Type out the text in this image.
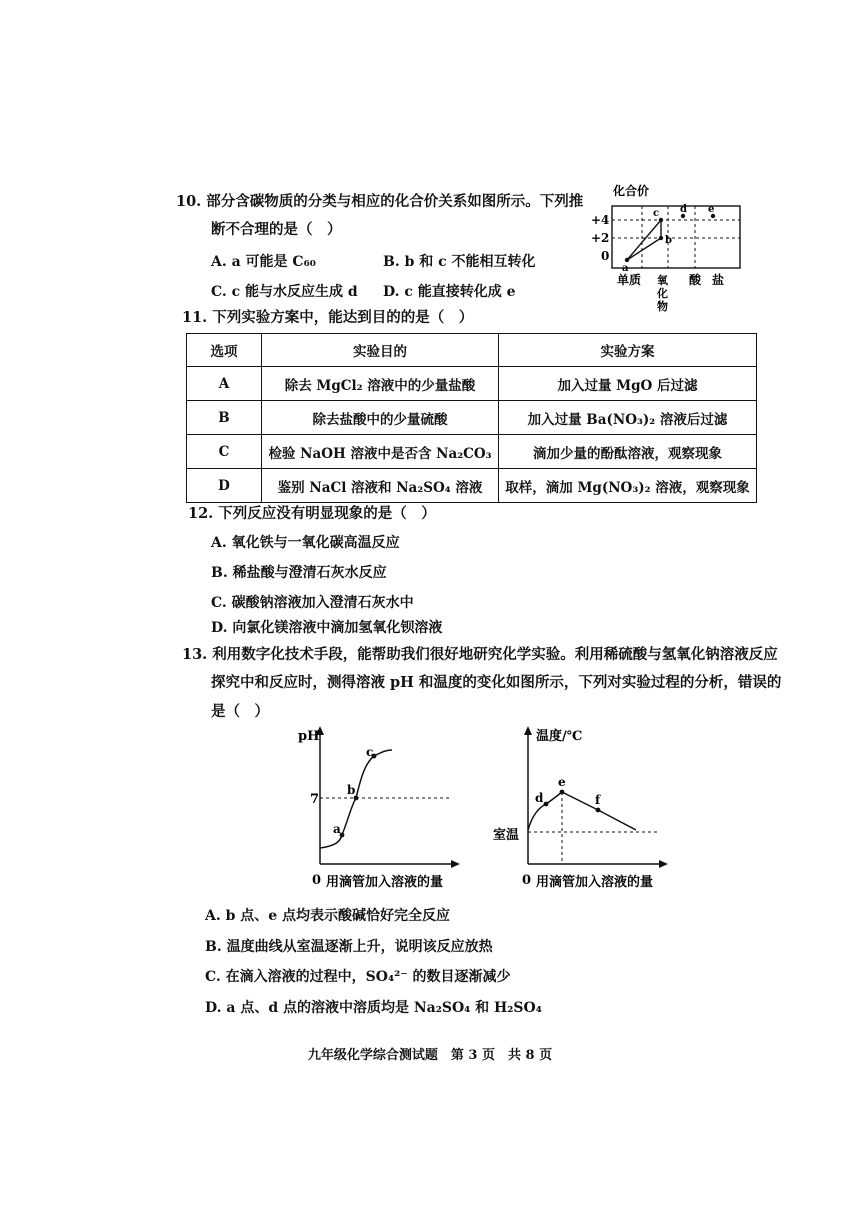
10. 部分含碳物质的分类与相应的化合价关系如图所示。下列推
断不合理的是（　）
A. a 可能是 C₆₀	B. b 和 c 不能相互转化
C. c 能与水反应生成 d D. c 能直接转化成 e
化合价
+4
+2
0
a
b
c d e
单质 氧
化
物
酸 盐
11. 下列实验方案中，能达到目的的是（　）
选项	实验目的	实验方案
A	除去 MgCl₂ 溶液中的少量盐酸	加入过量 MgO 后过滤
B	除去盐酸中的少量硫酸	加入过量 Ba(NO₃)₂ 溶液后过滤
C	检验 NaOH 溶液中是否含 Na₂CO₃	滴加少量的酚酞溶液，观察现象
D	鉴别 NaCl 溶液和 Na₂SO₄ 溶液	取样，滴加 Mg(NO₃)₂ 溶液，观察现象
12. 下列反应没有明显现象的是（　）
A. 氧化铁与一氧化碳高温反应
B. 稀盐酸与澄清石灰水反应
C. 碳酸钠溶液加入澄清石灰水中
D. 向氯化镁溶液中滴加氢氧化钡溶液
13. 利用数字化技术手段，能帮助我们很好地研究化学实验。利用稀硫酸与氢氧化钠溶液反应
探究中和反应时，测得溶液 pH 和温度的变化如图所示，下列对实验过程的分析，错误的
是（　）
pH
7
a
b
c
0 用滴管加入溶液的量
温度/℃
室温
d
e
f
0 用滴管加入溶液的量
A. b 点、e 点均表示酸碱恰好完全反应
B. 温度曲线从室温逐渐上升，说明该反应放热
C. 在滴入溶液的过程中，SO₄²⁻ 的数目逐渐减少
D. a 点、d 点的溶液中溶质均是 Na₂SO₄ 和 H₂SO₄
九年级化学综合测试题　第 3 页　共 8 页
